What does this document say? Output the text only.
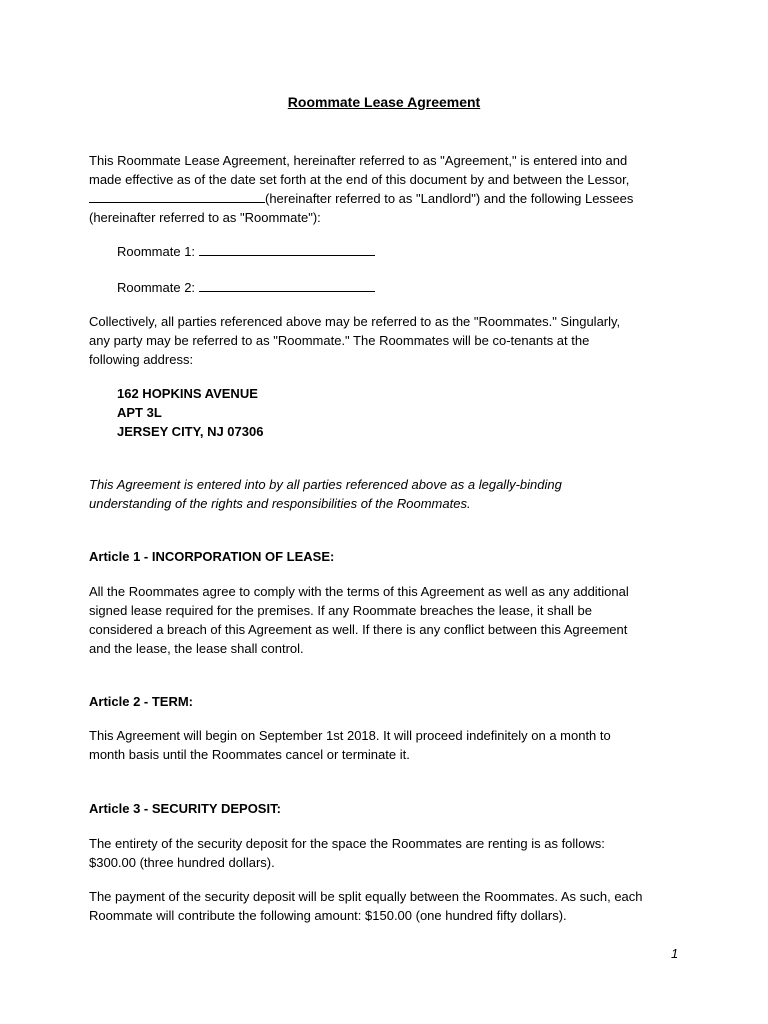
Roommate Lease Agreement
This Roommate Lease Agreement, hereinafter referred to as "Agreement," is entered into and
made effective as of the date set forth at the end of this document by and between the Lessor,
(hereinafter referred to as "Landlord") and the following Lessees
(hereinafter referred to as "Roommate"):
Roommate 1:
Roommate 2:
Collectively, all parties referenced above may be referred to as the "Roommates." Singularly,
any party may be referred to as "Roommate." The Roommates will be co-tenants at the
following address:
162 HOPKINS AVENUE
APT 3L
JERSEY CITY, NJ 07306
This Agreement is entered into by all parties referenced above as a legally-binding
understanding of the rights and responsibilities of the Roommates.
Article 1 - INCORPORATION OF LEASE:
All the Roommates agree to comply with the terms of this Agreement as well as any additional
signed lease required for the premises. If any Roommate breaches the lease, it shall be
considered a breach of this Agreement as well. If there is any conflict between this Agreement
and the lease, the lease shall control.
Article 2 - TERM:
This Agreement will begin on September 1st 2018. It will proceed indefinitely on a month to
month basis until the Roommates cancel or terminate it.
Article 3 - SECURITY DEPOSIT:
The entirety of the security deposit for the space the Roommates are renting is as follows:
$300.00 (three hundred dollars).
The payment of the security deposit will be split equally between the Roommates. As such, each
Roommate will contribute the following amount: $150.00 (one hundred fifty dollars).
1
